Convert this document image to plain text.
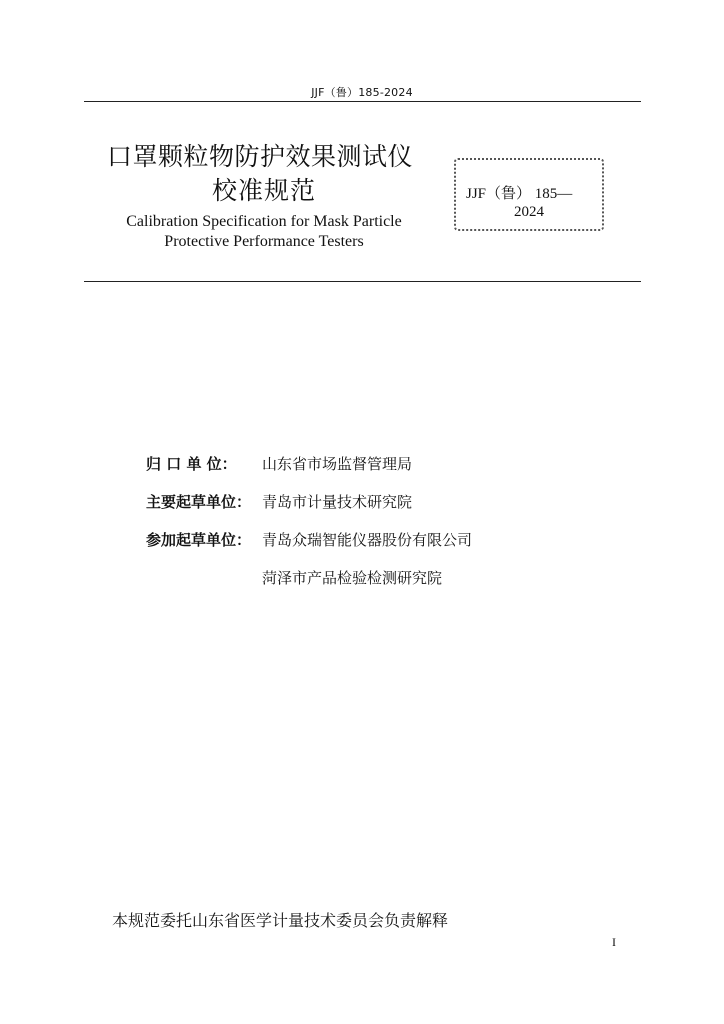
JJF（鲁）185-2024
口罩颗粒物防护效果测试仪
校准规范
Calibration Specification for Mask Particle
Protective Performance Testers
JJF（鲁） 185—
2024
归 口 单 位： 山东省市场监督管理局
主要起草单位： 青岛市计量技术研究院
参加起草单位： 青岛众瑞智能仪器股份有限公司
菏泽市产品检验检测研究院
本规范委托山东省医学计量技术委员会负责解释
I
